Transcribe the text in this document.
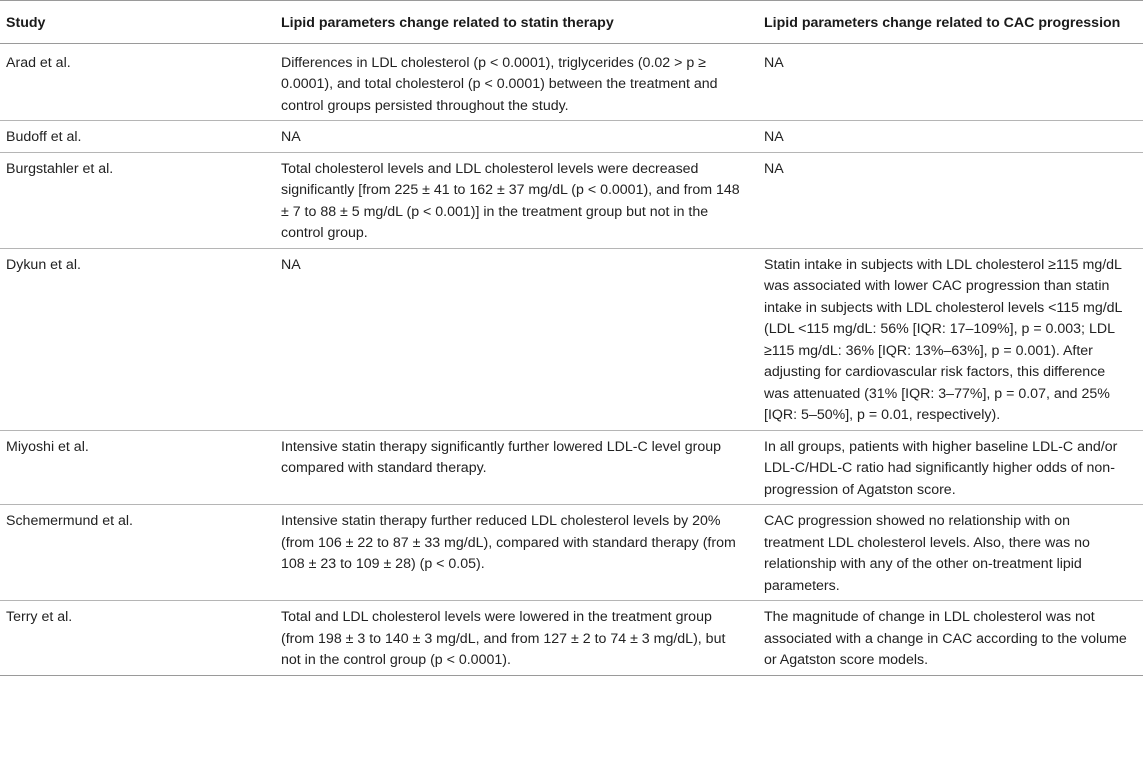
Study	Lipid parameters change related to statin therapy	Lipid parameters change related to CAC progression
Arad et al.	Differences in LDL cholesterol (p < 0.0001), triglycerides (0.02 > p ≥ 0.0001), and total cholesterol (p < 0.0001) between the treatment and control groups persisted throughout the study.	NA
Budoff et al.	NA	NA
Burgstahler et al.	Total cholesterol levels and LDL cholesterol levels were decreased significantly [from 225 ± 41 to 162 ± 37 mg/dL (p < 0.0001), and from 148 ± 7 to 88 ± 5 mg/dL (p < 0.001)] in the treatment group but not in the control group.	NA
Dykun et al.	NA	Statin intake in subjects with LDL cholesterol ≥115 mg/dL was associated with lower CAC progression than statin intake in subjects with LDL cholesterol levels <115 mg/dL (LDL <115 mg/dL: 56% [IQR: 17–109%], p = 0.003; LDL ≥115 mg/dL: 36% [IQR: 13%–63%], p = 0.001). After adjusting for cardiovascular risk factors, this difference was attenuated (31% [IQR: 3–77%], p = 0.07, and 25% [IQR: 5–50%], p = 0.01, respectively).
Miyoshi et al.	Intensive statin therapy significantly further lowered LDL-C level group compared with standard therapy.	In all groups, patients with higher baseline LDL-C and/or LDL-C/HDL-C ratio had significantly higher odds of non-progression of Agatston score.
Schemermund et al.	Intensive statin therapy further reduced LDL cholesterol levels by 20% (from 106 ± 22 to 87 ± 33 mg/dL), compared with standard therapy (from 108 ± 23 to 109 ± 28) (p < 0.05).	CAC progression showed no relationship with on treatment LDL cholesterol levels. Also, there was no relationship with any of the other on-treatment lipid parameters.
Terry et al.	Total and LDL cholesterol levels were lowered in the treatment group (from 198 ± 3 to 140 ± 3 mg/dL, and from 127 ± 2 to 74 ± 3 mg/dL), but not in the control group (p < 0.0001).	The magnitude of change in LDL cholesterol was not associated with a change in CAC according to the volume or Agatston score models.
